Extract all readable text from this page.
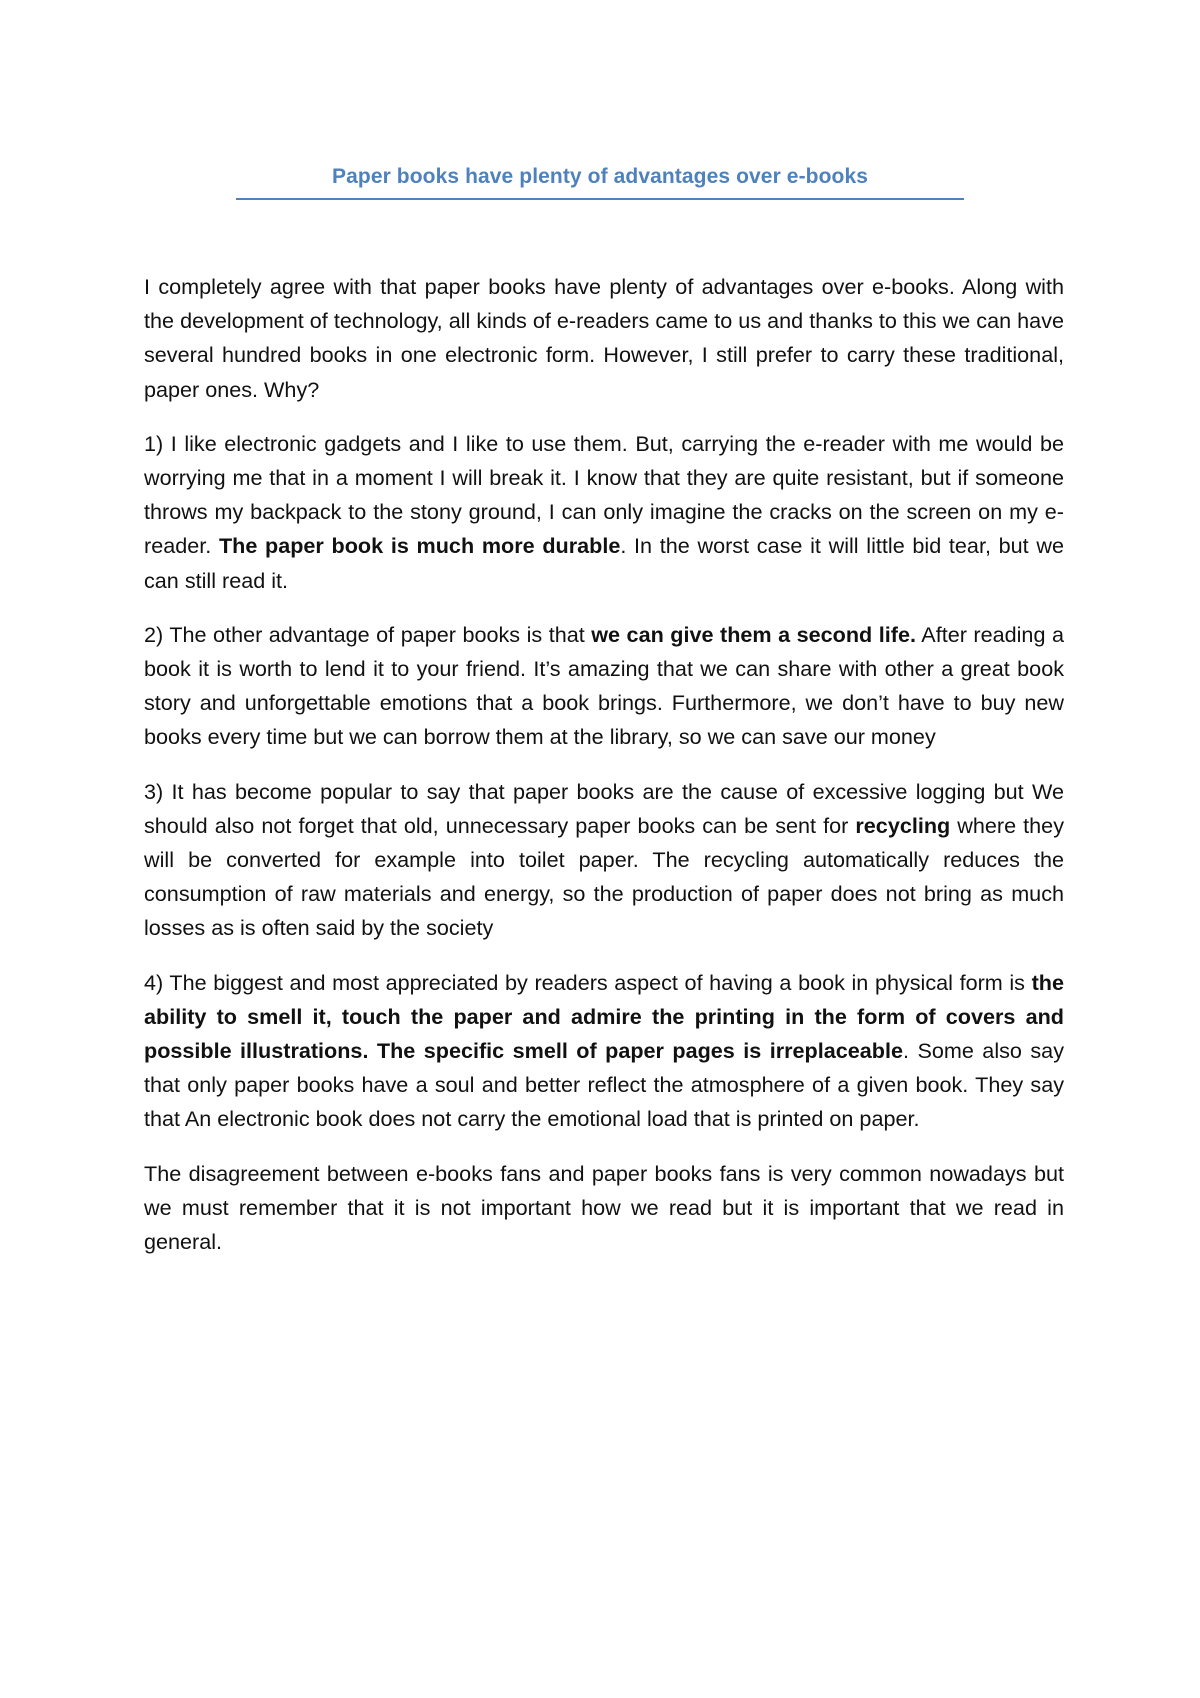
Paper books have plenty of advantages over e-books

I completely agree with that paper books have plenty of advantages over e-books. Along with the development of technology, all kinds of e-readers came to us and thanks to this we can have several hundred books in one electronic form. However, I still prefer to carry these traditional, paper ones. Why?

1) I like electronic gadgets and I like to use them. But, carrying the e-reader with me would be worrying me that in a moment I will break it. I know that they are quite resistant, but if someone throws my backpack to the stony ground, I can only imagine the cracks on the screen on my e-reader. The paper book is much more durable. In the worst case it will little bid tear, but we can still read it.

2) The other advantage of paper books is that we can give them a second life. After reading a book it is worth to lend it to your friend. It’s amazing that we can share with other a great book story and unforgettable emotions that a book brings. Furthermore, we don’t have to buy new books every time but we can borrow them at the library, so we can save our money

3) It has become popular to say that paper books are the cause of excessive logging but We should also not forget that old, unnecessary paper books can be sent for recycling where they will be converted for example into toilet paper. The recycling automatically reduces the consumption of raw materials and energy, so the production of paper does not bring as much losses as is often said by the society

4) The biggest and most appreciated by readers aspect of having a book in physical form is the ability to smell it, touch the paper and admire the printing in the form of covers and possible illustrations. The specific smell of paper pages is irreplaceable. Some also say that only paper books have a soul and better reflect the atmosphere of a given book. They say that An electronic book does not carry the emotional load that is printed on paper.

The disagreement between e-books fans and paper books fans is very common nowadays but we must remember that it is not important how we read but it is important that we read in general.
